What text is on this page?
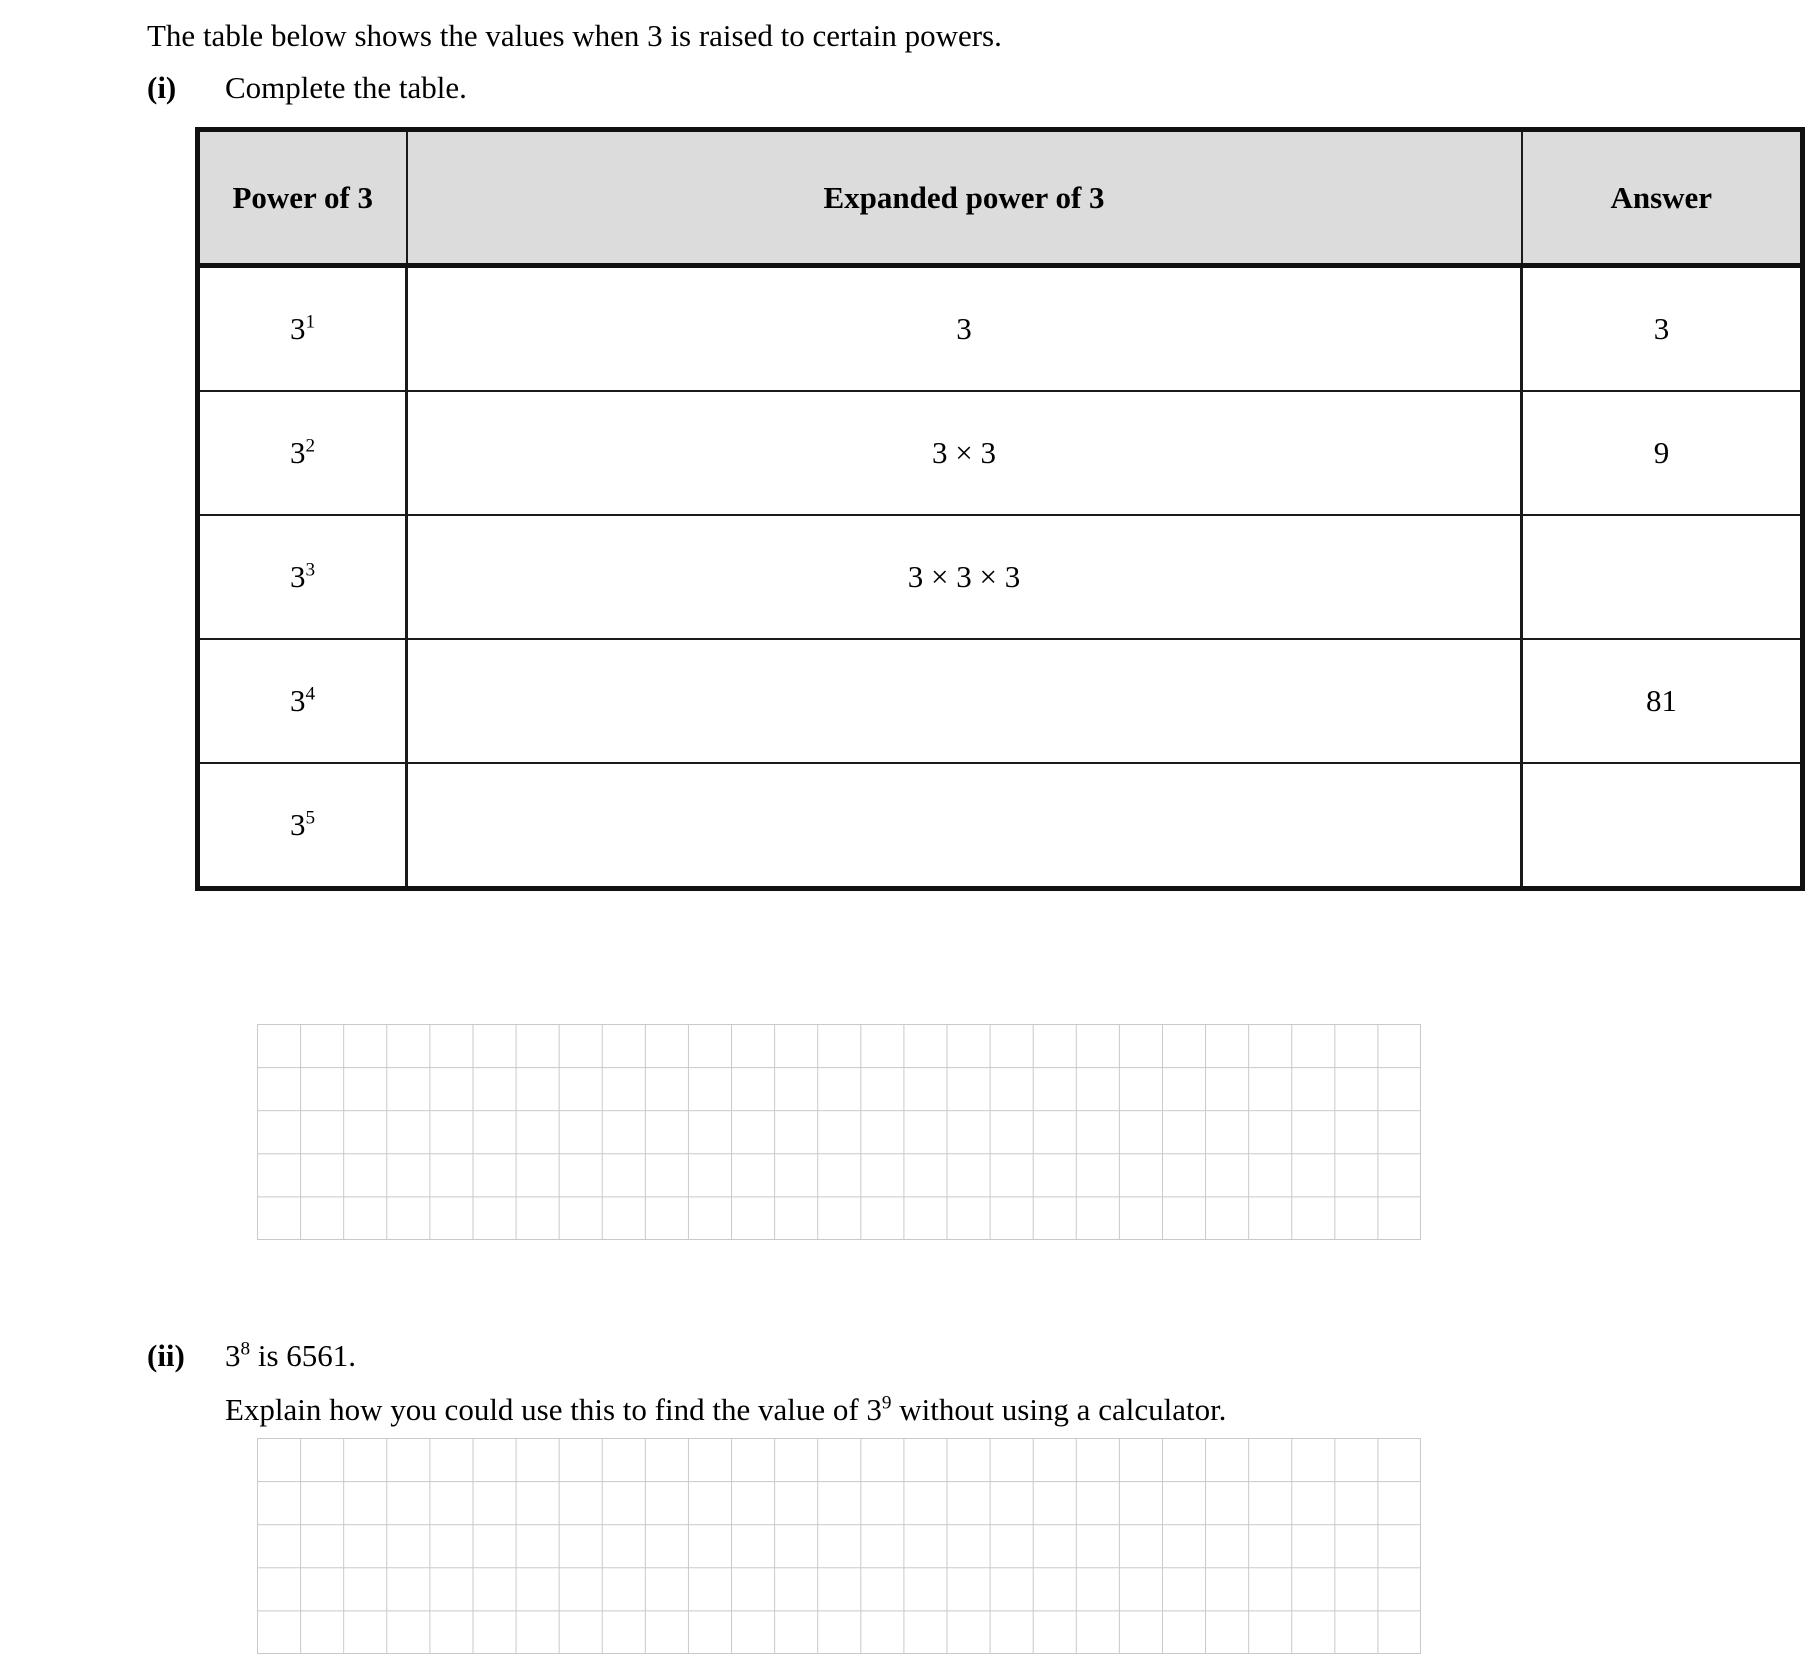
The table below shows the values when 3 is raised to certain powers.
(i)	Complete the table.
Power of 3	Expanded power of 3	Answer
$3^1$	3	3
$3^2$	3 × 3	9
$3^3$	3 × 3 × 3	
$3^4$		81
$3^5$		
(ii)	$3^8$ is 6561.
Explain how you could use this to find the value of $3^9$ without using a calculator.
